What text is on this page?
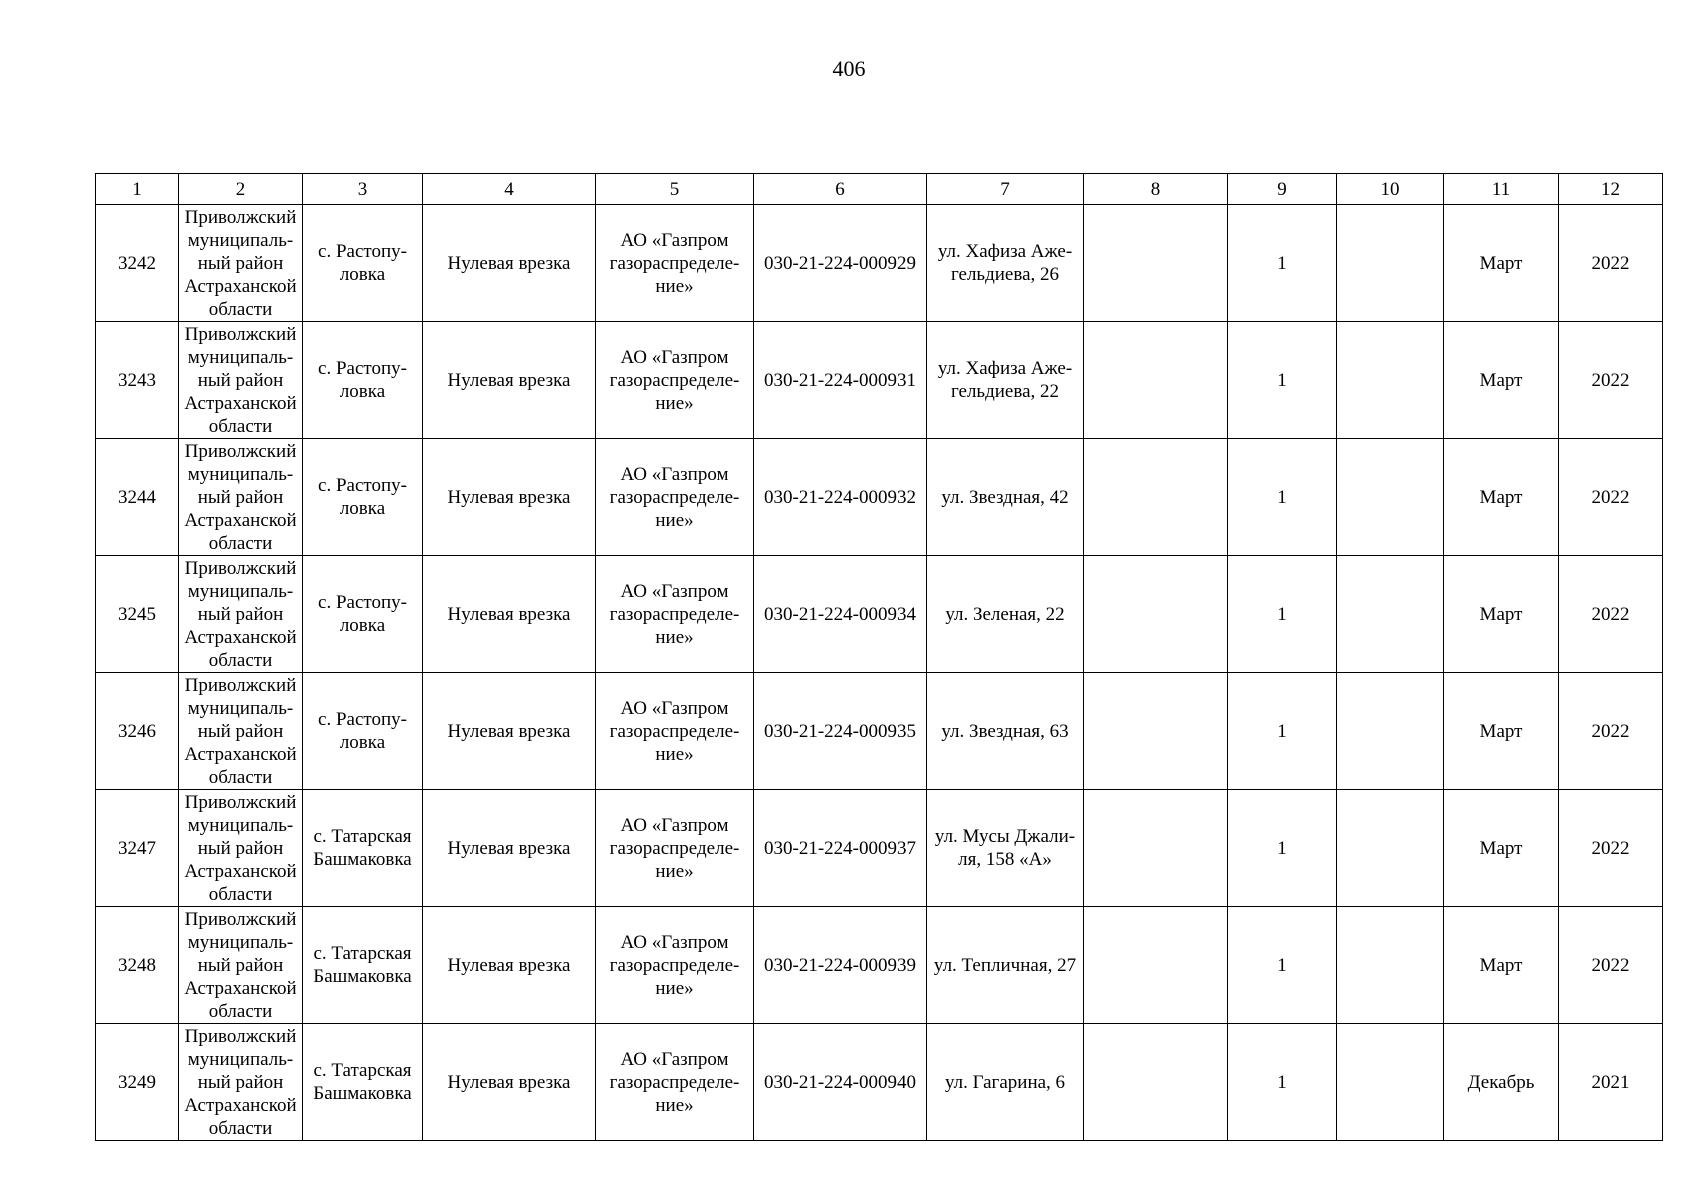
406
1	2	3	4	5	6	7	8	9	10	11	12
3242	Приволжский
муниципаль-
ный район
Астраханской
области	с. Растопу-
ловка	Нулевая врезка	АО «Газпром
газораспределе-
ние»	030-21-224-000929	ул. Хафиза Аже-
гельдиева, 26		1		Март	2022
3243	Приволжский
муниципаль-
ный район
Астраханской
области	с. Растопу-
ловка	Нулевая врезка	АО «Газпром
газораспределе-
ние»	030-21-224-000931	ул. Хафиза Аже-
гельдиева, 22		1		Март	2022
3244	Приволжский
муниципаль-
ный район
Астраханской
области	с. Растопу-
ловка	Нулевая врезка	АО «Газпром
газораспределе-
ние»	030-21-224-000932	ул. Звездная, 42		1		Март	2022
3245	Приволжский
муниципаль-
ный район
Астраханской
области	с. Растопу-
ловка	Нулевая врезка	АО «Газпром
газораспределе-
ние»	030-21-224-000934	ул. Зеленая, 22		1		Март	2022
3246	Приволжский
муниципаль-
ный район
Астраханской
области	с. Растопу-
ловка	Нулевая врезка	АО «Газпром
газораспределе-
ние»	030-21-224-000935	ул. Звездная, 63		1		Март	2022
3247	Приволжский
муниципаль-
ный район
Астраханской
области	с. Татарская
Башмаковка	Нулевая врезка	АО «Газпром
газораспределе-
ние»	030-21-224-000937	ул. Мусы Джали-
ля, 158 «А»		1		Март	2022
3248	Приволжский
муниципаль-
ный район
Астраханской
области	с. Татарская
Башмаковка	Нулевая врезка	АО «Газпром
газораспределе-
ние»	030-21-224-000939	ул. Тепличная, 27		1		Март	2022
3249	Приволжский
муниципаль-
ный район
Астраханской
области	с. Татарская
Башмаковка	Нулевая врезка	АО «Газпром
газораспределе-
ние»	030-21-224-000940	ул. Гагарина, 6		1		Декабрь	2021
